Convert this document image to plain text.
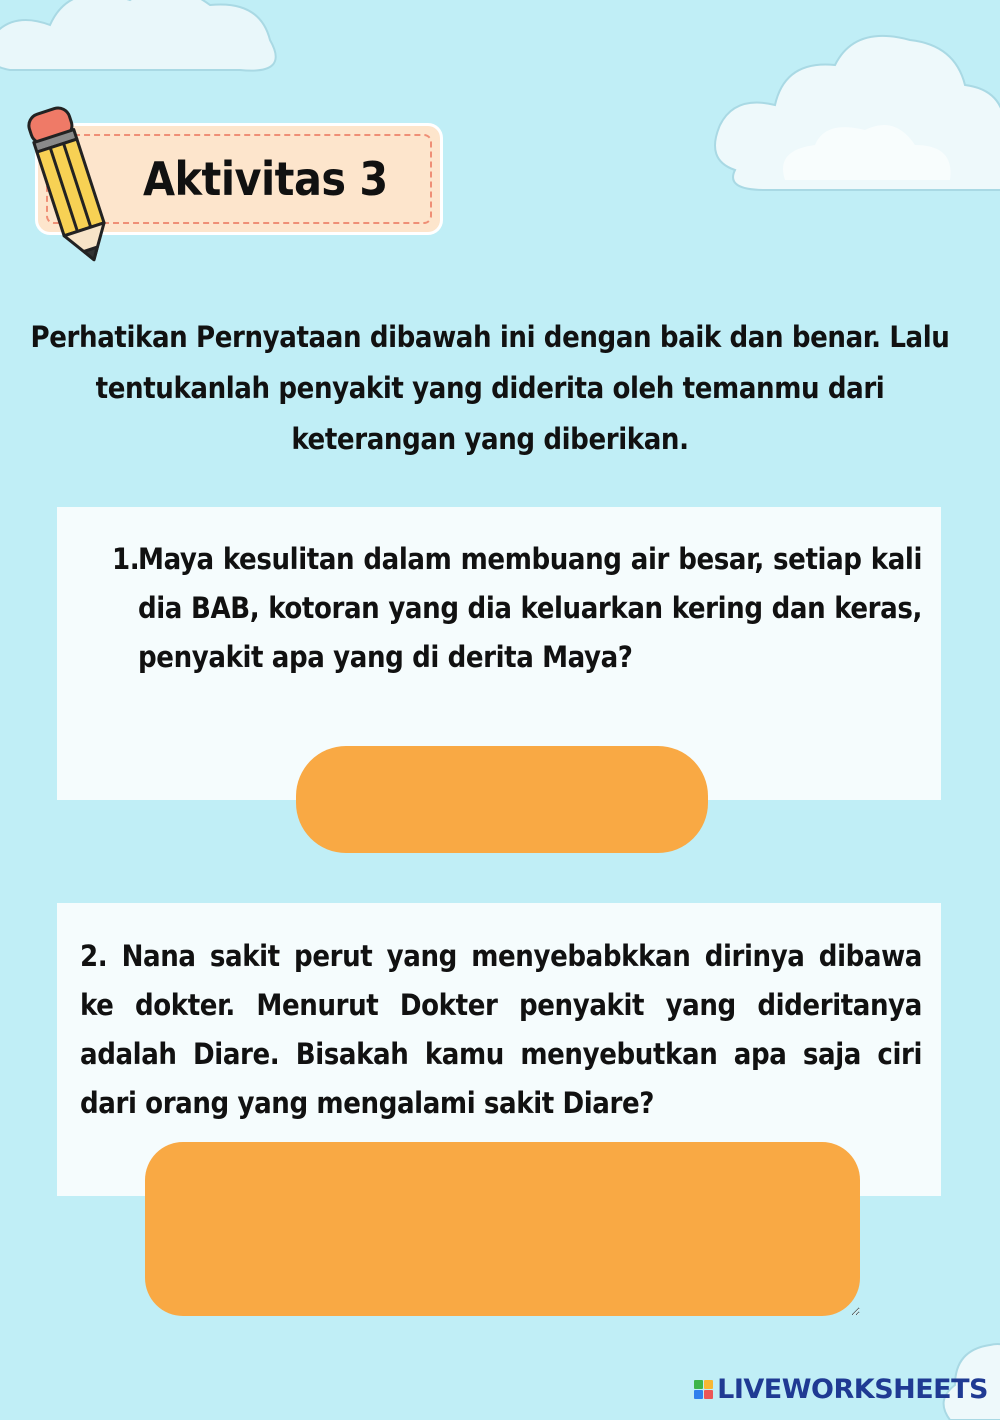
Aktivitas 3
Perhatikan Pernyataan dibawah ini dengan baik dan benar. Lalu tentukanlah penyakit yang diderita oleh temanmu dari keterangan yang diberikan.
1.
Maya kesulitan dalam membuang air besar, setiap kali dia BAB, kotoran yang dia keluarkan kering dan keras, penyakit apa yang di derita Maya?
2. Nana sakit perut yang menyebabkkan dirinya dibawa ke dokter. Menurut Dokter penyakit yang dideritanya adalah Diare. Bisakah kamu menyebutkan apa saja ciri dari orang yang mengalami sakit Diare?
LIVEWORKSHEETS
